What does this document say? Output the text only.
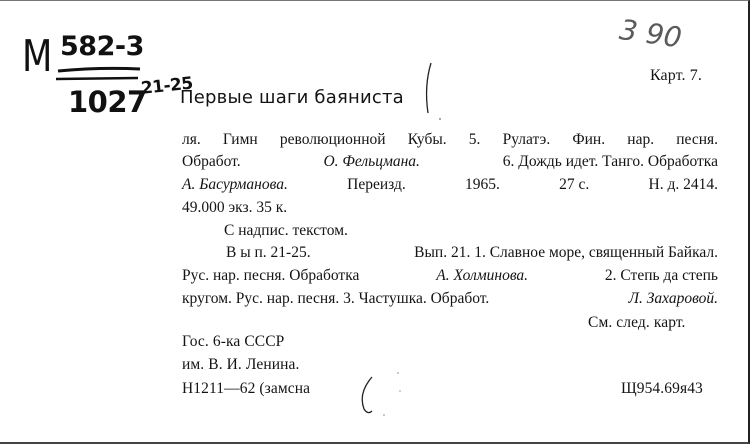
М 582-3
1027
21-25
3 90
Первые шаги баяниста
Карт. 7.
ля. Гимн революционной Кубы. 5. Рулатэ. Фин. нар. песня.
Обработ.	О. Фельцмана.	6. Дождь идет. Танго. Обработка
А. Басурманова.	Переизд.	1965.	27 с.	Н. д. 2414.
49.000 экз. 35 к.
С надпис. текстом.
В ы п. 21-25.	Вып. 21. 1. Славное море, священный Байкал.
Рус. нар. песня. Обработка	А. Холминова.	2. Степь да степь
кругом. Рус. нар. песня. 3. Частушка. Обработ.	Л. Захаровой.
См. след. карт.
Гос. 6-ка СССР
им. В. И. Ленина.
Н1211—62 (замсна	Щ954.69я43
